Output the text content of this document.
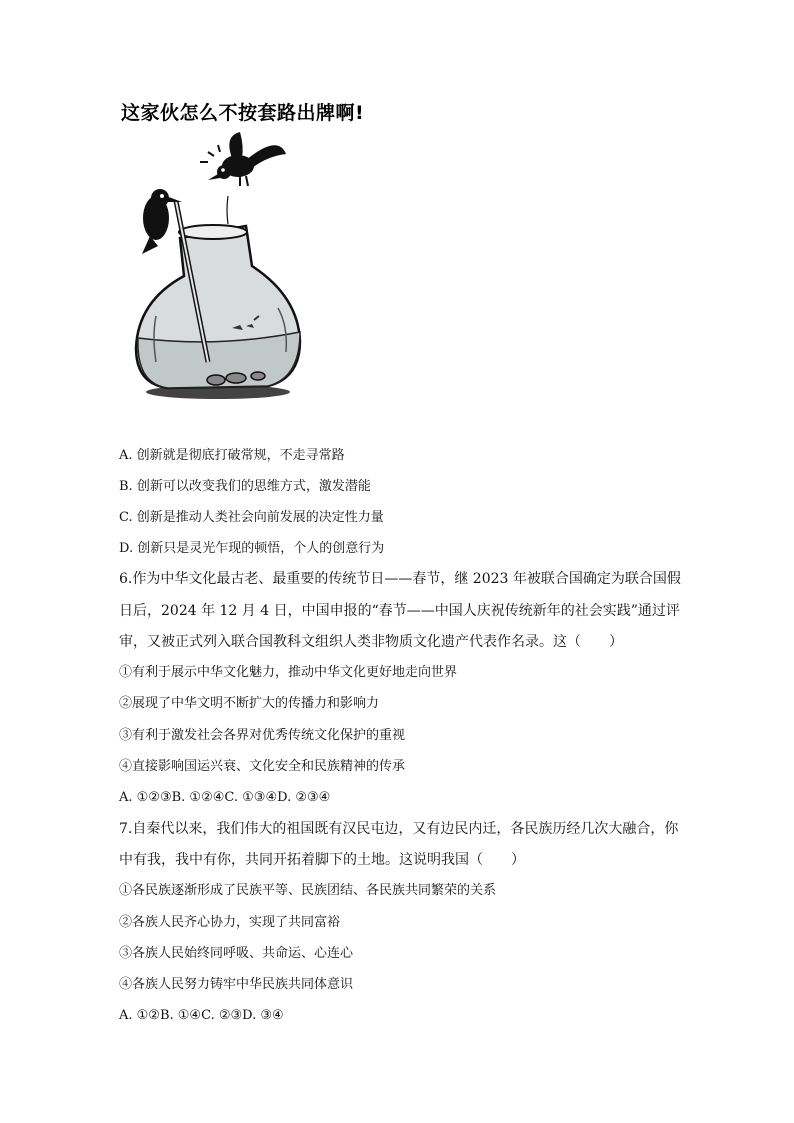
这家伙怎么不按套路出牌啊!
A. 创新就是彻底打破常规，不走寻常路
B. 创新可以改变我们的思维方式，激发潜能
C. 创新是推动人类社会向前发展的决定性力量
D. 创新只是灵光乍现的顿悟，个人的创意行为
6.作为中华文化最古老、最重要的传统节日——春节，继 2023 年被联合国确定为联合国假
日后，2024 年 12 月 4 日，中国申报的“春节——中国人庆祝传统新年的社会实践”通过评
审，又被正式列入联合国教科文组织人类非物质文化遗产代表作名录。这（　　）
①有利于展示中华文化魅力，推动中华文化更好地走向世界
②展现了中华文明不断扩大的传播力和影响力
③有利于激发社会各界对优秀传统文化保护的重视
④直接影响国运兴衰、文化安全和民族精神的传承
A. ①②③B. ①②④C. ①③④D. ②③④
7.自秦代以来，我们伟大的祖国既有汉民屯边，又有边民内迁，各民族历经几次大融合，你
中有我，我中有你，共同开拓着脚下的土地。这说明我国（　　）
①各民族逐渐形成了民族平等、民族团结、各民族共同繁荣的关系
②各族人民齐心协力，实现了共同富裕
③各族人民始终同呼吸、共命运、心连心
④各族人民努力铸牢中华民族共同体意识
A. ①②B. ①④C. ②③D. ③④
